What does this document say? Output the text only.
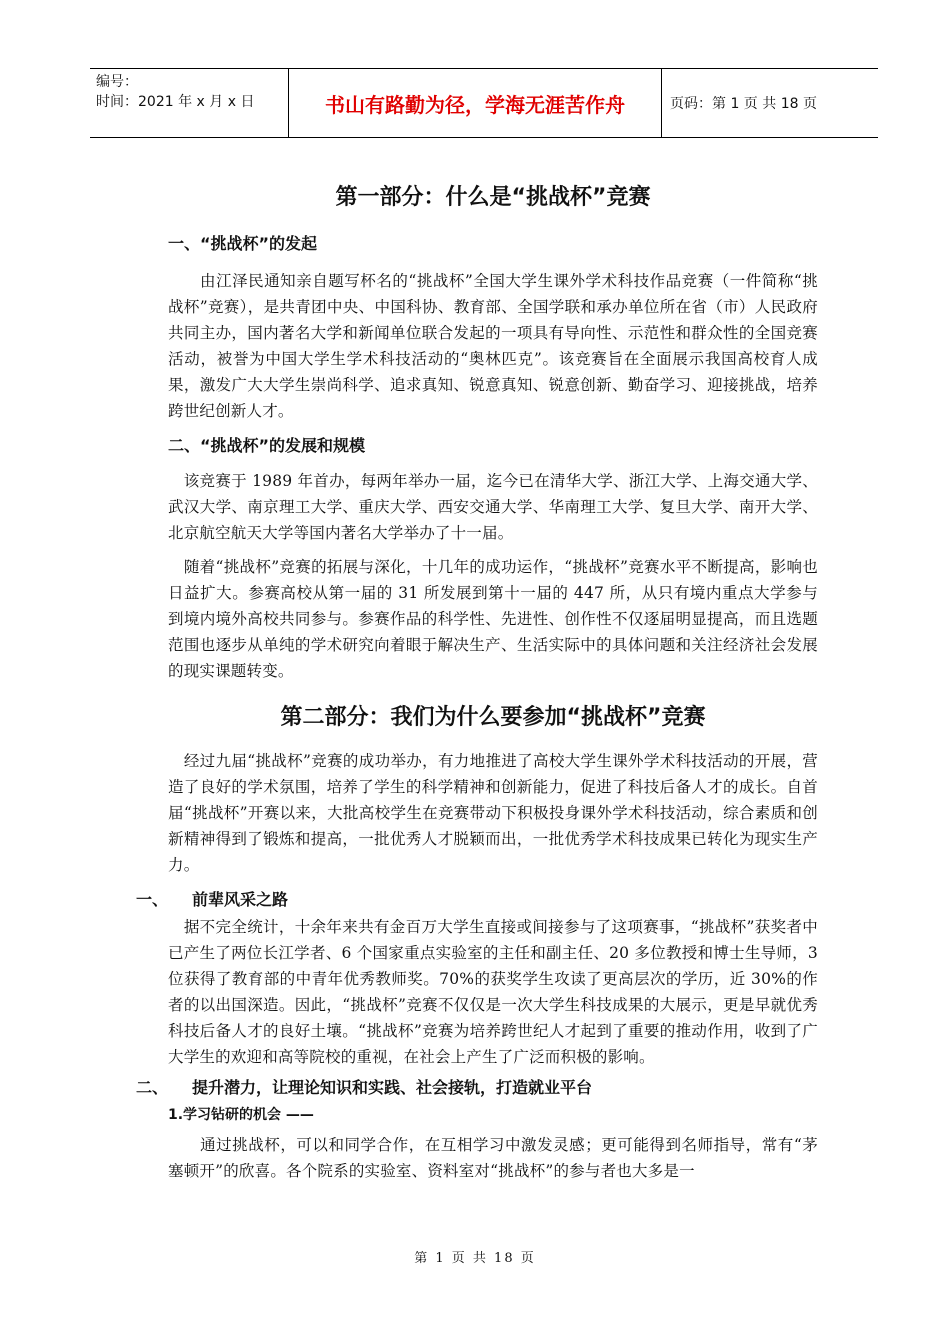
编号：
时间：2021 年 x 月 x 日	书山有路勤为径，学海无涯苦作舟	页码：第 1 页 共 18 页
第一部分：什么是“挑战杯”竞赛
一、“挑战杯”的发起

　　由江泽民通知亲自题写杯名的“挑战杯”全国大学生课外学术科技作品竞赛（一件简称“挑战杯”竞赛），是共青团中央、中国科协、教育部、全国学联和承办单位所在省（市）人民政府共同主办，国内著名大学和新闻单位联合发起的一项具有导向性、示范性和群众性的全国竞赛活动，被誉为中国大学生学术科技活动的“奥林匹克”。该竞赛旨在全面展示我国高校育人成果，激发广大大学生崇尚科学、追求真知、锐意真知、锐意创新、勤奋学习、迎接挑战，培养跨世纪创新人才。

二、“挑战杯”的发展和规模

　该竞赛于 1989 年首办，每两年举办一届，迄今已在清华大学、浙江大学、上海交通大学、武汉大学、南京理工大学、重庆大学、西安交通大学、华南理工大学、复旦大学、南开大学、北京航空航天大学等国内著名大学举办了十一届。

　随着“挑战杯”竞赛的拓展与深化，十几年的成功运作，“挑战杯”竞赛水平不断提高，影响也日益扩大。参赛高校从第一届的 31 所发展到第十一届的 447 所，从只有境内重点大学参与到境内境外高校共同参与。参赛作品的科学性、先进性、创作性不仅逐届明显提高，而且选题范围也逐步从单纯的学术研究向着眼于解决生产、生活实际中的具体问题和关注经济社会发展的现实课题转变。

第二部分：我们为什么要参加“挑战杯”竞赛

　经过九届“挑战杯”竞赛的成功举办，有力地推进了高校大学生课外学术科技活动的开展，营造了良好的学术氛围，培养了学生的科学精神和创新能力，促进了科技后备人才的成长。自首届“挑战杯”开赛以来，大批高校学生在竞赛带动下积极投身课外学术科技活动，综合素质和创新精神得到了锻炼和提高，一批优秀人才脱颖而出，一批优秀学术科技成果已转化为现实生产力。

一、 前辈风采之路

　据不完全统计，十余年来共有金百万大学生直接或间接参与了这项赛事，“挑战杯”获奖者中已产生了两位长江学者、6 个国家重点实验室的主任和副主任、20 多位教授和博士生导师，3 位获得了教育部的中青年优秀教师奖。70%的获奖学生攻读了更高层次的学历，近 30%的作者的以出国深造。因此，“挑战杯”竞赛不仅仅是一次大学生科技成果的大展示，更是早就优秀科技后备人才的良好土壤。“挑战杯”竞赛为培养跨世纪人才起到了重要的推动作用，收到了广大学生的欢迎和高等院校的重视，在社会上产生了广泛而积极的影响。

二、 提升潜力，让理论知识和实践、社会接轨，打造就业平台
1.学习钻研的机会 ——

　　通过挑战杯，可以和同学合作，在互相学习中激发灵感；更可能得到名师指导，常有“茅塞顿开”的欣喜。各个院系的实验室、资料室对“挑战杯”的参与者也大多是一

第 1 页 共 18 页
